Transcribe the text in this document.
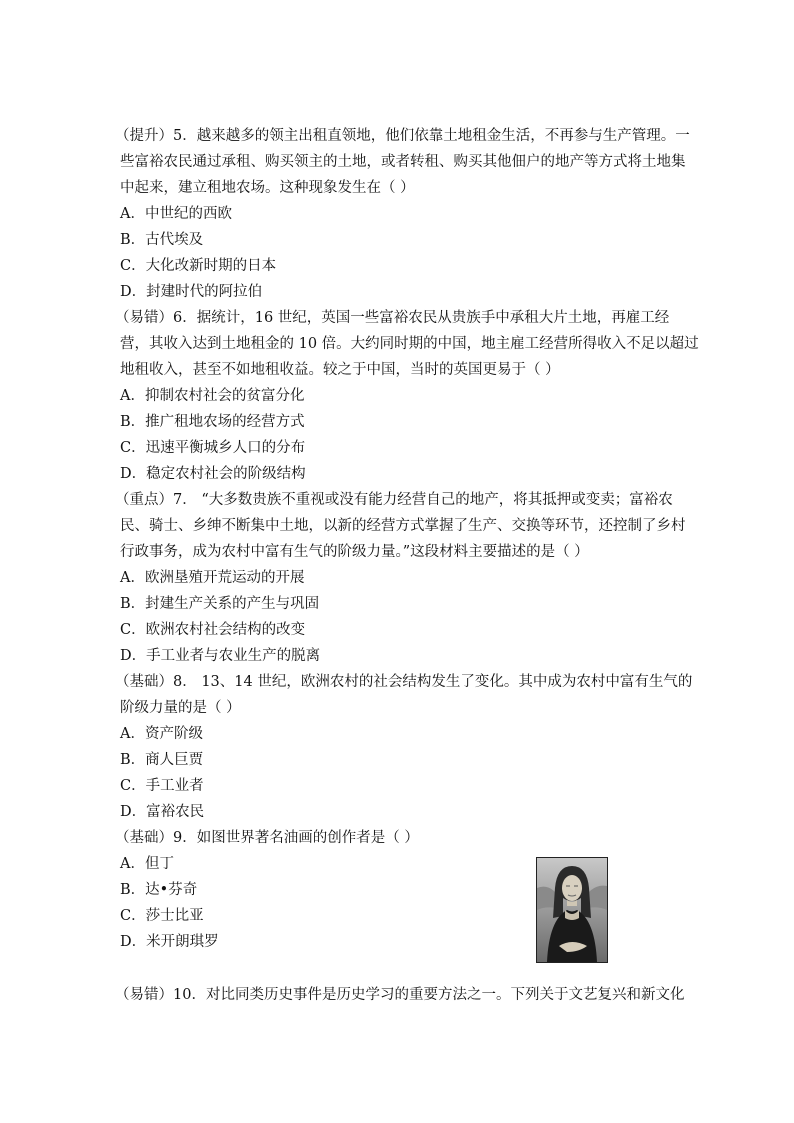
（提升）5．越来越多的领主出租直领地，他们依靠土地租金生活，不再参与生产管理。一
些富裕农民通过承租、购买领主的土地，或者转租、购买其他佃户的地产等方式将土地集
中起来，建立租地农场。这种现象发生在（ ）
A．中世纪的西欧
B．古代埃及
C．大化改新时期的日本
D．封建时代的阿拉伯
（易错）6．据统计，16 世纪，英国一些富裕农民从贵族手中承租大片土地，再雇工经
营，其收入达到土地租金的 10 倍。大约同时期的中国，地主雇工经营所得收入不足以超过
地租收入，甚至不如地租收益。较之于中国，当时的英国更易于（ ）
A．抑制农村社会的贫富分化
B．推广租地农场的经营方式
C．迅速平衡城乡人口的分布
D．稳定农村社会的阶级结构
（重点）7． “大多数贵族不重视或没有能力经营自己的地产，将其抵押或变卖；富裕农
民、骑士、乡绅不断集中土地，以新的经营方式掌握了生产、交换等环节，还控制了乡村
行政事务，成为农村中富有生气的阶级力量。”这段材料主要描述的是（ ）
A．欧洲垦殖开荒运动的开展
B．封建生产关系的产生与巩固
C．欧洲农村社会结构的改变
D．手工业者与农业生产的脱离
（基础）8． 13、14 世纪，欧洲农村的社会结构发生了变化。其中成为农村中富有生气的
阶级力量的是（ ）
A．资产阶级
B．商人巨贾
C．手工业者
D．富裕农民
（基础）9．如图世界著名油画的创作者是（ ）
A．但丁
B．达•芬奇
C．莎士比亚
D．米开朗琪罗
（易错）10．对比同类历史事件是历史学习的重要方法之一。下列关于文艺复兴和新文化
